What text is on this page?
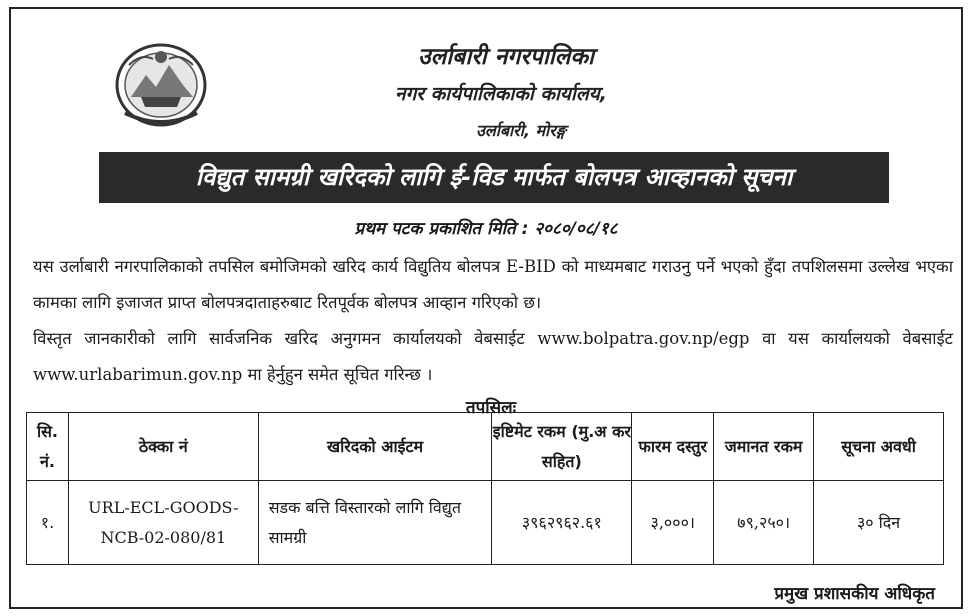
उर्लाबारी नगरपालिका
नगर कार्यपालिकाको कार्यालय,
उर्लाबारी, मोरङ्ग
विद्युत सामग्री खरिदको लागि ई-विड मार्फत बोलपत्र आव्हानको सूचना
प्रथम पटक प्रकाशित मिति : २०८०/०८/१८

यस उर्लाबारी नगरपालिकाको तपसिल बमोजिमको खरिद कार्य विद्युतिय बोलपत्र E-BID को माध्यमबाट गराउनु पर्ने भएको हुँदा तपशिलसमा उल्लेख भएका कामका लागि इजाजत प्राप्त बोलपत्रदाताहरुबाट रितपूर्वक बोलपत्र आव्हान गरिएको छ।

विस्तृत जानकारीको लागि सार्वजनिक खरिद अनुगमन कार्यालयको वेबसाईट www.bolpatra.gov.np/egp वा यस कार्यालयको वेबसाईट www.urlabarimun.gov.np मा हेर्नुहुन समेत सूचित गरिन्छ ।

तपसिलः
प्रमुख प्रशासकीय अधिकृत
सि. नं.	ठेक्का नं	खरिदको आईटम	इष्टिमेट रकम (मु.अ कर सहित)	फारम दस्तुर	जमानत रकम	सूचना अवधी
१.	URL-ECL-GOODS-NCB-02-080/81	सडक बत्ति विस्तारको लागि विद्युत सामग्री	३९६२९६२.६१	३,०००।	७९,२५०।	३० दिन
